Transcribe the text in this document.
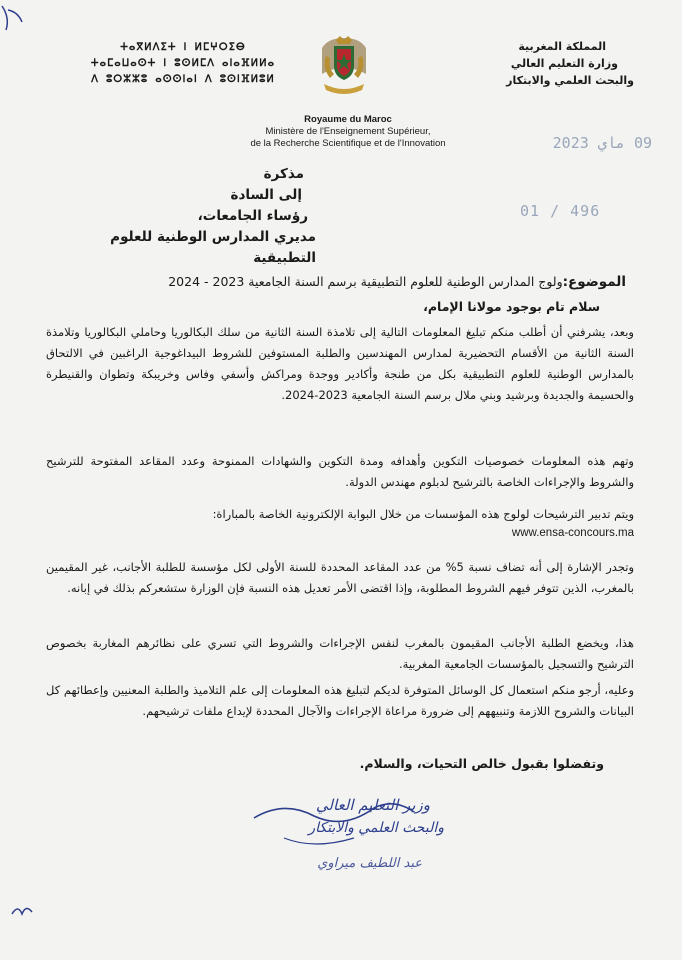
المملكة المغربية
وزارة التعليم العالي
والبحث العلمي والابتكار
ⵜⴰⴳⵍⴷⵉⵜ ⵏ ⵍⵎⵖⵔⵉⴱ
ⵜⴰⵎⴰⵡⴰⵙⵜ ⵏ ⵓⵙⵍⵎⴷ ⴰⵏⴰⴼⵍⵍⴰ
ⴷ ⵓⵔⵣⵣⵓ ⴰⵙⵙⵏⴰⵏ ⴷ ⵓⵙⵏⴼⵍⵓⵍ
Royaume du Maroc
Ministère de l'Enseignement Supérieur,
de la Recherche Scientifique et de l'Innovation	09 ماي 2023
01 / 496
مذكرة
إلى السادة
رؤساء الجامعات،
مديري المدارس الوطنية للعلوم التطبيقية
الموضوع:ولوج المدارس الوطنية للعلوم التطبيقية برسم السنة الجامعية 2023 - 2024
سلام تام بوجود مولانا الإمام،
وبعد، يشرفني أن أطلب منكم تبليغ المعلومات التالية إلى تلامذة السنة الثانية من سلك البكالوريا وحاملي البكالوريا وتلامذة السنة الثانية من الأقسام التحضيرية لمدارس المهندسين والطلبة المستوفين للشروط البيداغوجية الراغبين في الالتحاق بالمدارس الوطنية للعلوم التطبيقية بكل من طنجة وأكادير ووجدة ومراكش وأسفي وفاس وخريبكة وتطوان والقنيطرة والحسيمة والجديدة وبرشيد وبني ملال برسم السنة الجامعية 2023-2024.
وتهم هذه المعلومات خصوصيات التكوين وأهدافه ومدة التكوين والشهادات الممنوحة وعدد المقاعد المفتوحة للترشيح والشروط والإجراءات الخاصة بالترشيح لدبلوم مهندس الدولة.
ويتم تدبير الترشيحات لولوج هذه المؤسسات من خلال البوابة الإلكترونية الخاصة بالمباراة:
www.ensa-concours.ma
وتجدر الإشارة إلى أنه تضاف نسبة 5% من عدد المقاعد المحددة للسنة الأولى لكل مؤسسة للطلبة الأجانب، غير المقيمين بالمغرب، الذين تتوفر فيهم الشروط المطلوبة، وإذا اقتضى الأمر تعديل هذه النسبة فإن الوزارة ستشعركم بذلك في إبانه.
هذا، ويخضع الطلبة الأجانب المقيمون بالمغرب لنفس الإجراءات والشروط التي تسري على نظائرهم المغاربة بخصوص الترشيح والتسجيل بالمؤسسات الجامعية المغربية.
وعليه، أرجو منكم استعمال كل الوسائل المتوفرة لديكم لتبليغ هذه المعلومات إلى علم التلاميذ والطلبة المعنيين وإعطائهم كل البيانات والشروح اللازمة وتنبيههم إلى ضرورة مراعاة الإجراءات والآجال المحددة لإيداع ملفات ترشيحهم.
وتفضلوا بقبول خالص التحيات، والسلام.
وزير التعليم العالي
والبحث العلمي والابتكار
عبد اللطيف ميراوي
